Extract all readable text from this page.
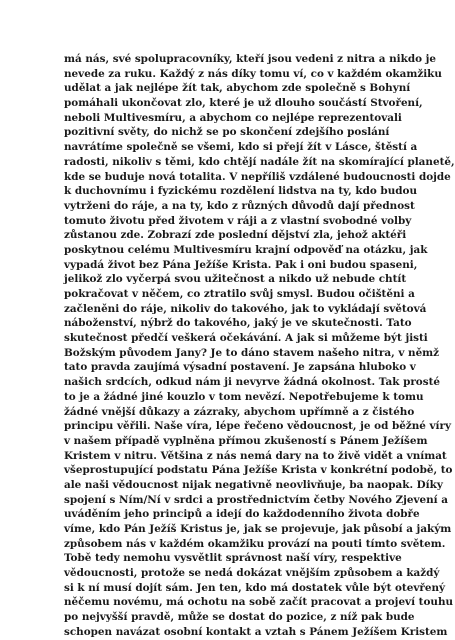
má nás, své spolupracovníky, kteří jsou vedeni z nitra a nikdo je
nevede za ruku. Každý z nás díky tomu ví, co v každém okamžiku
udělat a jak nejlépe žít tak, abychom zde společně s Bohyní
pomáhali ukončovat zlo, které je už dlouho součástí Stvoření,
neboli Multivesmíru, a abychom co nejlépe reprezentovali
pozitivní světy, do nichž se po skončení zdejšího poslání
navrátíme společně se všemi, kdo si přejí žít v Lásce, štěstí a
radosti, nikoliv s těmi, kdo chtějí nadále žít na skomírající planetě,
kde se buduje nová totalita. V nepříliš vzdálené budoucnosti dojde
k duchovnímu i fyzickému rozdělení lidstva na ty, kdo budou
vytrženi do ráje, a na ty, kdo z různých důvodů dají přednost
tomuto životu před životem v ráji a z vlastní svobodné volby
zůstanou zde. Zobrazí zde poslední dějství zla, jehož aktéři
poskytnou celému Multivesmíru krajní odpověď na otázku, jak
vypadá život bez Pána Ježíše Krista. Pak i oni budou spaseni,
jelikož zlo vyčerpá svou užitečnost a nikdo už nebude chtít
pokračovat v něčem, co ztratilo svůj smysl. Budou očištěni a
začleněni do ráje, nikoliv do takového, jak to vykládají světová
náboženství, nýbrž do takového, jaký je ve skutečnosti. Tato
skutečnost předčí veškerá očekávání. A jak si můžeme být jisti
Božským původem Jany? Je to dáno stavem našeho nitra, v němž
tato pravda zaujímá výsadní postavení. Je zapsána hluboko v
našich srdcích, odkud nám ji nevyrve žádná okolnost. Tak prosté
to je a žádné jiné kouzlo v tom nevězí. Nepotřebujeme k tomu
žádné vnější důkazy a zázraky, abychom upřímně a z čistého
principu věřili. Naše víra, lépe řečeno vědoucnost, je od běžné víry
v našem případě vyplněna přímou zkušeností s Pánem Ježíšem
Kristem v nitru. Většina z nás nemá dary na to živě vidět a vnímat
všeprostupující podstatu Pána Ježíše Krista v konkrétní podobě, to
ale naši vědoucnost nijak negativně neovlivňuje, ba naopak. Díky
spojení s Ním/Ní v srdci a prostřednictvím četby Nového Zjevení a
uváděním jeho principů a idejí do každodenního života dobře
víme, kdo Pán Ježíš Kristus je, jak se projevuje, jak působí a jakým
způsobem nás v každém okamžiku provází na pouti tímto světem.
Tobě tedy nemohu vysvětlit správnost naší víry, respektive
vědoucnosti, protože se nedá dokázat vnějším způsobem a každý
si k ní musí dojít sám. Jen ten, kdo má dostatek vůle být otevřený
něčemu novému, má ochotu na sobě začít pracovat a projeví touhu
po nejvyšší pravdě, může se dostat do pozice, z níž pak bude
schopen navázat osobní kontakt a vztah s Pánem Ježíšem Kristem
